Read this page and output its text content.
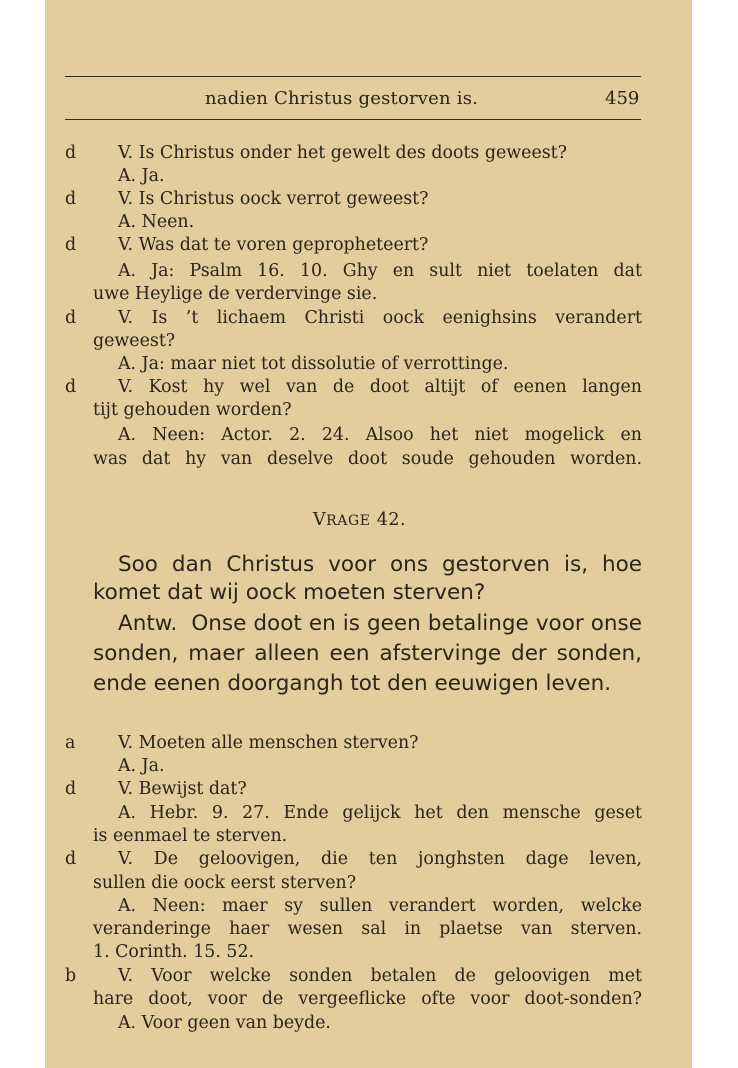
nadien Christus gestorven is.	459
d
d
d
d
d
V. Is Christus onder het gewelt des doots geweest?
A. Ja.
V. Is Christus oock verrot geweest?
A. Neen.
V. Was dat te voren geprophetееrt?
A. Ja: Psalm 16. 10. Ghy en sult niet toelaten dat
uwe Heylige de verdervinge sie.
V. Is ’t lichaem Christi oock eenighsins verandert
geweest?
A. Ja: maar niet tot dissolutie of verrottinge.
V. Kost hy wel van de doot altijt of eenen langen
tijt gehouden worden?
A. Neen: Actor. 2. 24. Alsoo het niet mogelick en
was dat hy van deselve doot soude gehouden worden.
VRAGE 42.
Soo dan Christus voor ons gestorven is, hoe
komet dat wij oock moeten sterven?
Antw.  Onse doot en is geen betalinge voor onse
sonden, maer alleen een afstervinge der sonden,
ende eenen doorgangh tot den eeuwigen leven.
a
d
d
b
V. Moeten alle menschen sterven?
A. Ja.
V. Bewijst dat?
A. Hebr. 9. 27. Ende gelijck het den mensche geset
is eenmael te sterven.
V. De geloovigen, die ten jonghsten dage leven,
sullen die oock eerst sterven?
A. Neen: maer sy sullen verandert worden, welcke
veranderinge haer wesen sal in plaetse van sterven.
1. Corinth. 15. 52.
V. Voor welcke sonden betalen de geloovigen met
hare doot, voor de vergeeflicke ofte voor doot-sonden?
A. Voor geen van beyde.
